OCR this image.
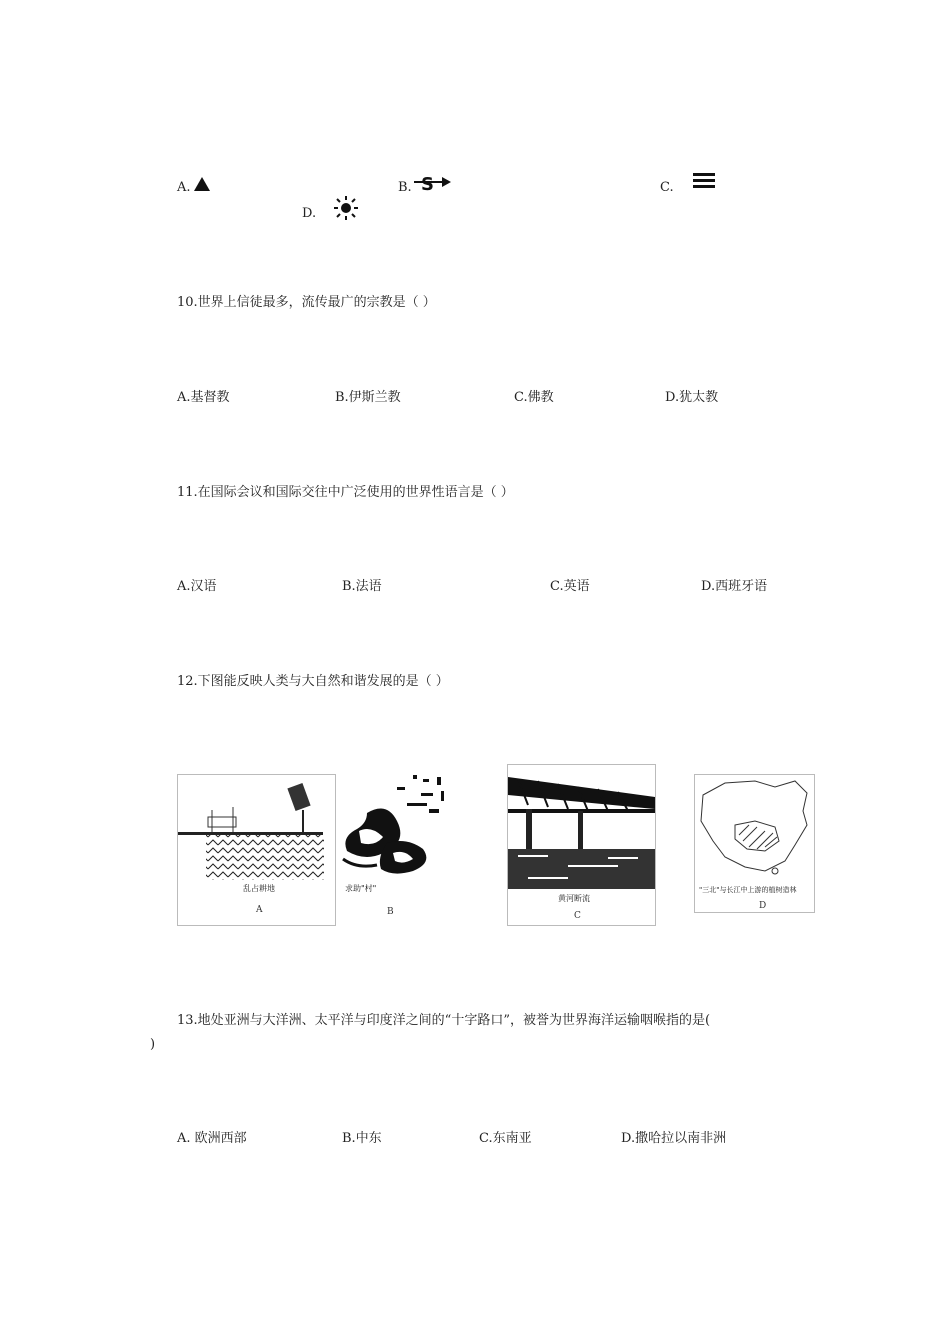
A.	B. S	C.
D.
10.世界上信徒最多，流传最广的宗教是（ ）
A.基督教	B.伊斯兰教	C.佛教	D.犹太教
11.在国际会议和国际交往中广泛使用的世界性语言是（ ）
A.汉语	B.法语	C.英语	D.西班牙语
12.下图能反映人类与大自然和谐发展的是（ ）
乱占耕地
A
求助"村"
B
黄河断流
C
"三北"与长江中上游的植树造林
D
13.地处亚洲与大洋洲、太平洋与印度洋之间的“十字路口”，被誉为世界海洋运输咽喉指的是(
)
A. 欧洲西部	B.中东	C.东南亚	D.撒哈拉以南非洲
